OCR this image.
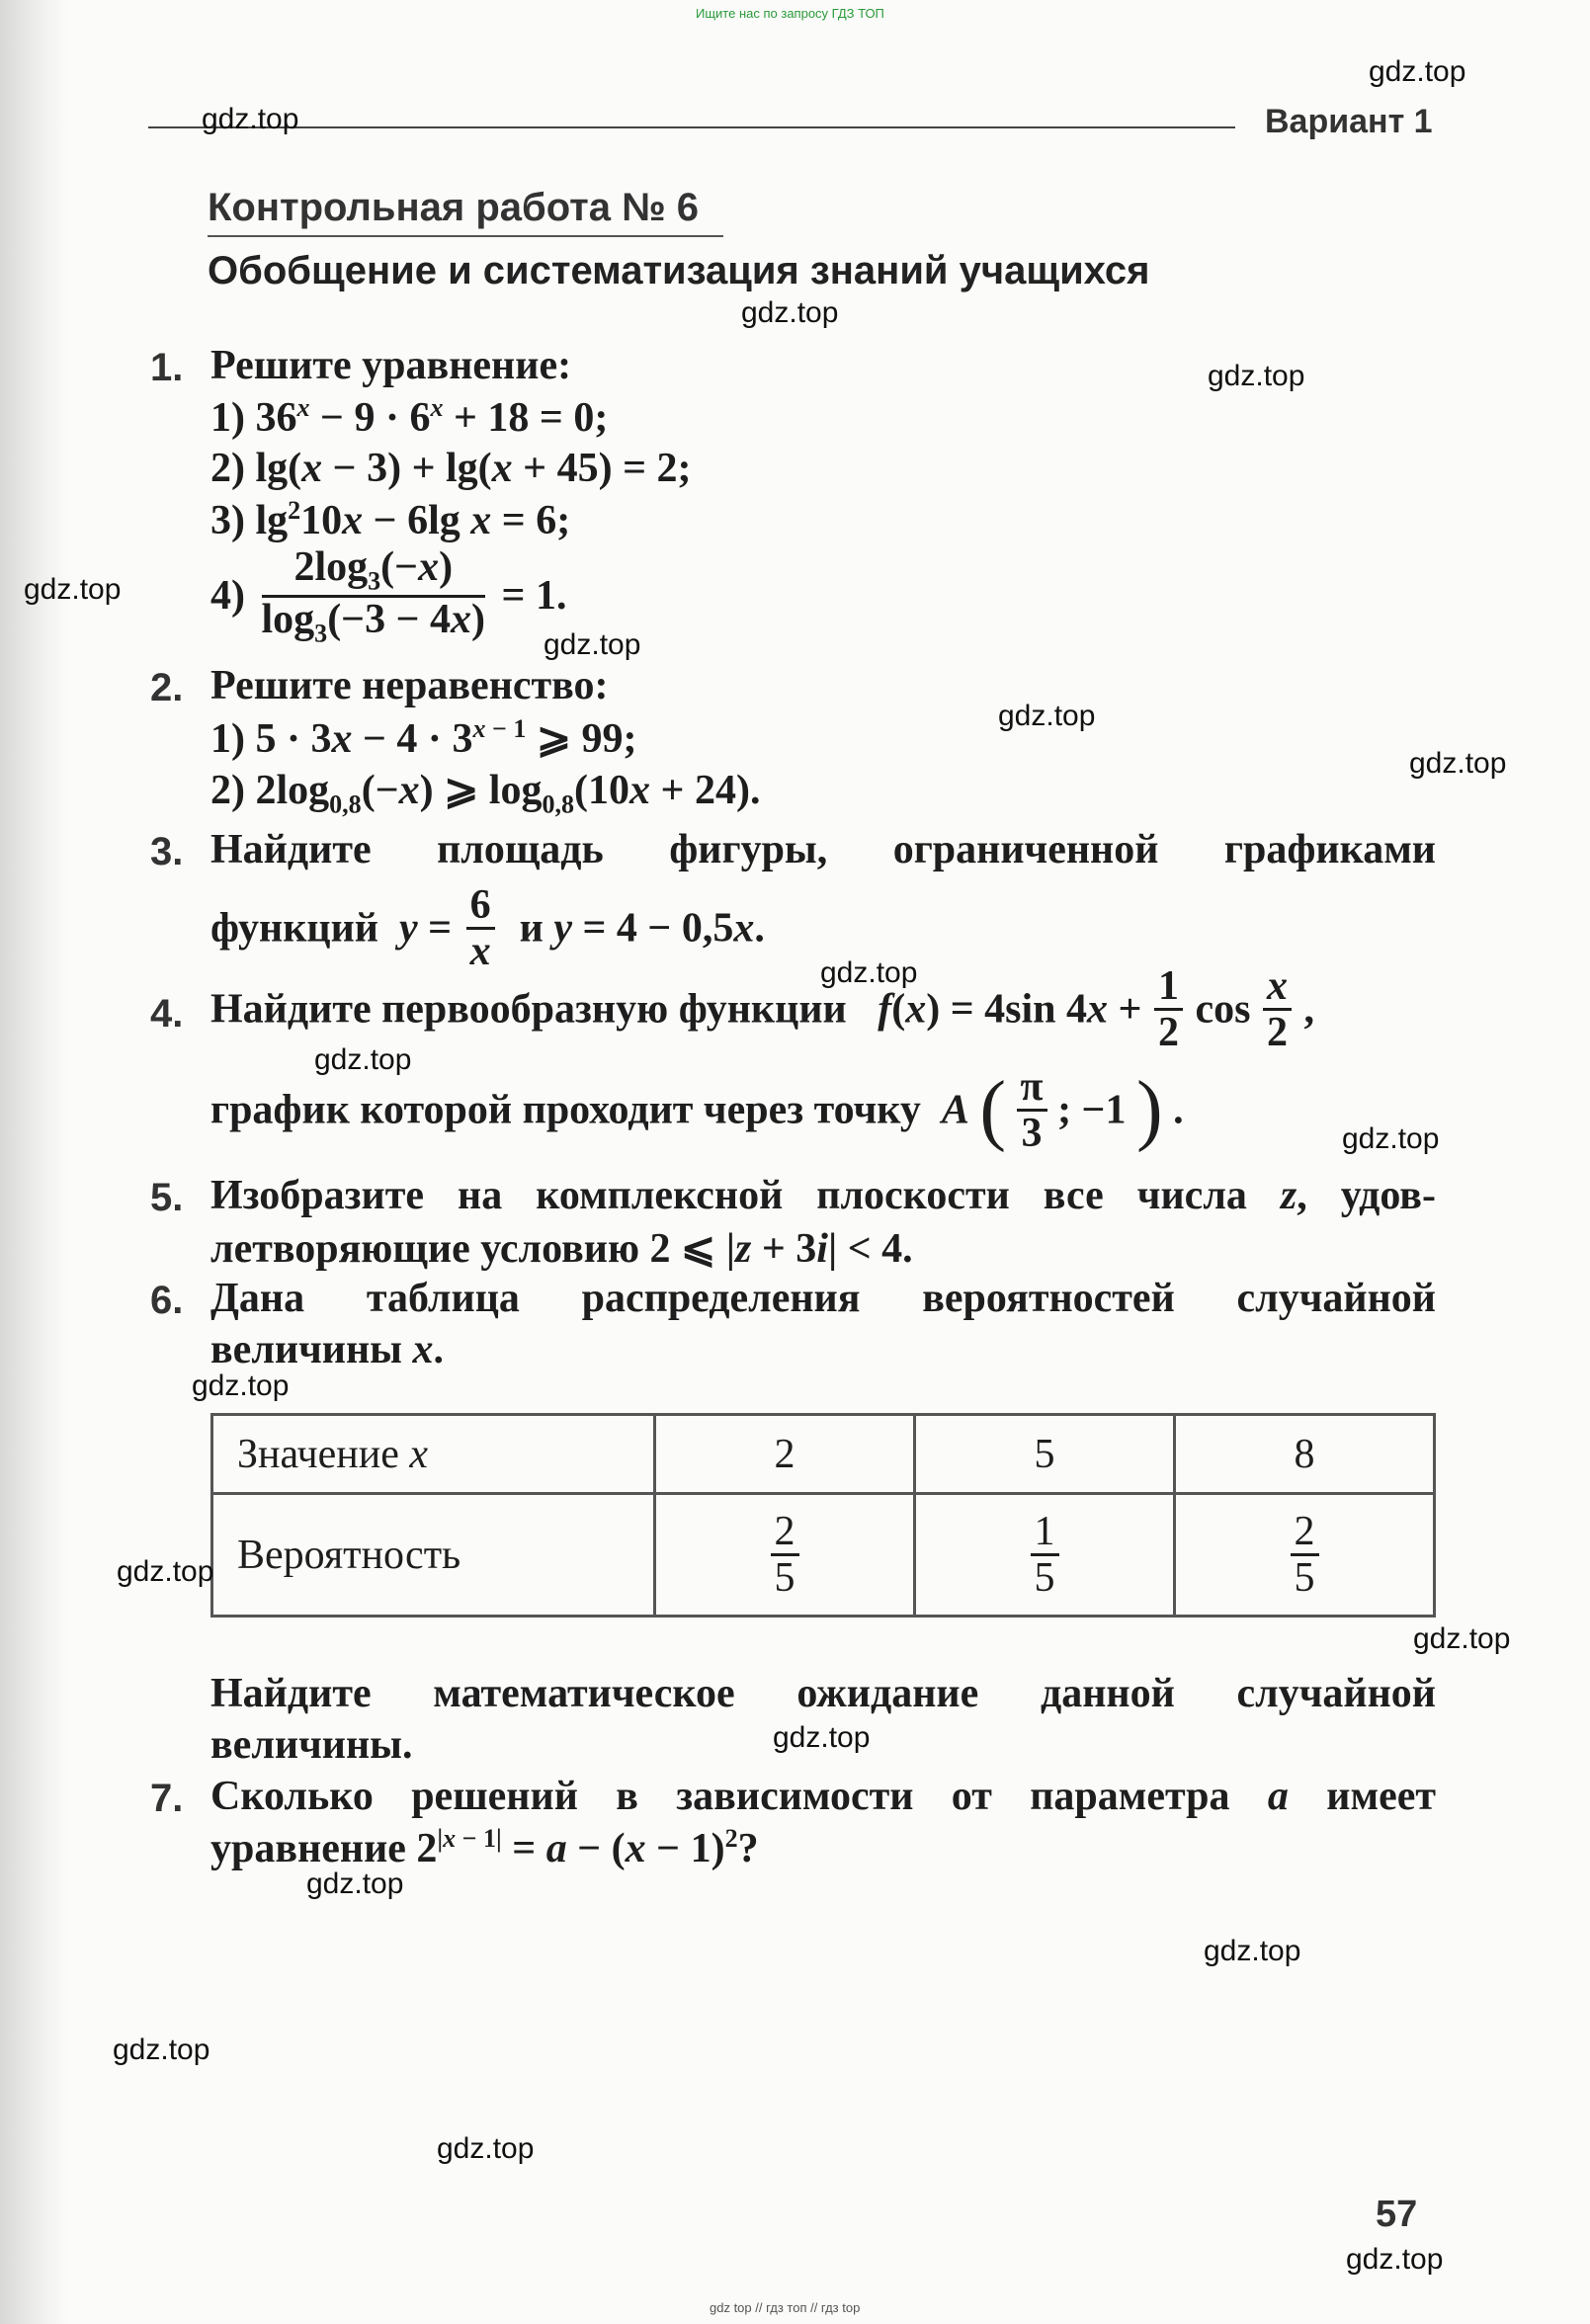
Ищите нас по запросу ГДЗ ТОП
Вариант 1
Контрольная работа № 6
Обобщение и систематизация знаний учащихся
1. Решите уравнение:
1) $36^x - 9 \cdot 6^x + 18 = 0$;
2) lg(x − 3) + lg(x + 45) = 2;
3) $\lg^210x - 6\lg$ x = 6;
$4) \frac{2\log_3(-x)}{\log_3(-3 - 4x)} = 1$.
2. Решите неравенство:
1) $5 \cdot 3x - 4 \cdot 3^{x - 1}$ ⩾ 99;
2) $2\log_{0,8}(-x)$ ⩾ $\log_{0,8}(10x + 24)$.
3. Найдите площадь фигуры, ограниченной графиками
функций  $y = \frac{6}{x}$ и y = 4 − 0,5x.
4. Найдите первообразную функции   f(x) = 4sin $4x + \frac{1}{2}$ $\cos \frac{x}{2}$ ,
график которой проходит через точку  A ( $\frac{\pi}{3}$ ; −1 ) .
5. Изобразите на комплексной плоскости все числа z, удов-
летворяющие условию 2 ⩽ |z + 3i| < 4.
6. Дана таблица распределения вероятностей случайной
величины x.
Значение x	2	5	8
Вероятность	$\frac{2}{5}$	$\frac{1}{5}$	$\frac{2}{5}$
Найдите математическое ожидание данной случайной
величины.
7. Сколько решений в зависимости от параметра a имеет
уравнение $2^{|x - 1|} = a - (x - 1)^2$?
57
gdz.top
gdz.top
gdz.top
gdz.top
gdz.top
gdz.top
gdz.top
gdz.top
gdz.top
gdz.top
gdz.top
gdz.top
gdz.top
gdz.top
gdz.top
gdz.top
gdz.top
gdz.top
gdz.top
gdz.top
gdz top // гдз топ // гдз top
